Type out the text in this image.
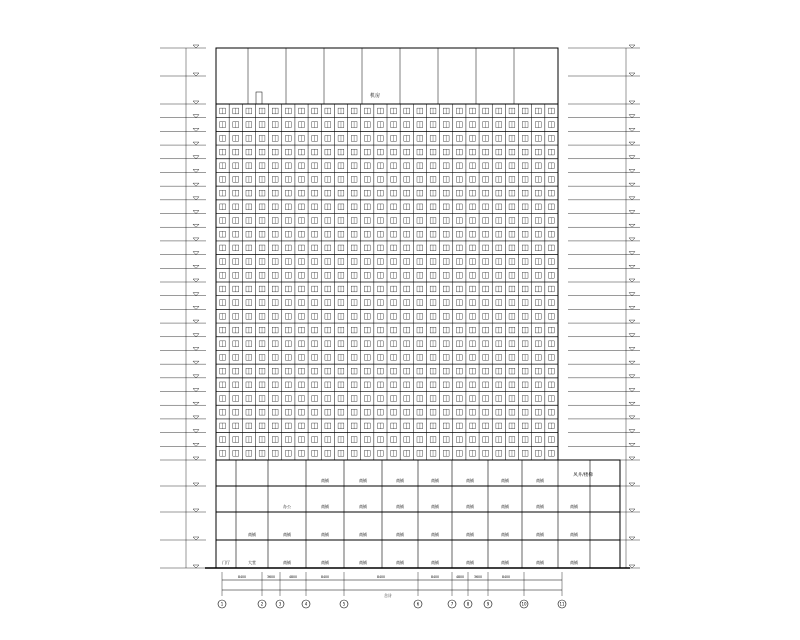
商铺	商铺	商铺	商铺	商铺	商铺	商铺
办公	商铺	商铺	商铺	商铺	商铺	商铺	商铺	商铺
商铺	商铺	商铺	商铺	商铺	商铺	商铺	商铺	商铺	商铺
门厅	大堂	商铺	商铺	商铺	商铺	商铺	商铺	商铺	商铺	商铺
1
8400
2
3600
3
4800
4
8400
5
8400
6
8400
7
4800
8
3600
9
8400
10	11
机房
风井/楼梯
合计
